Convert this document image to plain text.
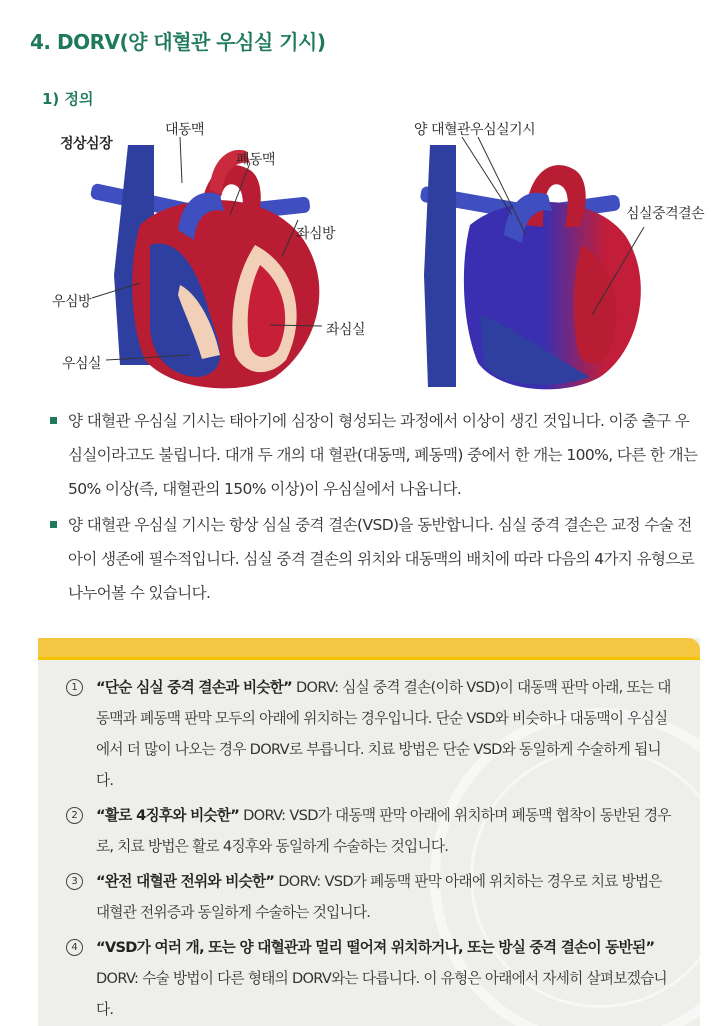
4. DORV(양 대혈관 우심실 기시)
1) 정의
정상심장
대동맥
폐동맥
좌심방
우심방
좌심실
우심실
양 대혈관우심실기시
심실중격결손
양 대혈관 우심실 기시는 태아기에 심장이 형성되는 과정에서 이상이 생긴 것입니다. 이중 출구 우심실이라고도 불립니다. 대개 두 개의 대 혈관(대동맥, 폐동맥) 중에서 한 개는 100%, 다른 한 개는 50% 이상(즉, 대혈관의 150% 이상)이 우심실에서 나옵니다.
양 대혈관 우심실 기시는 항상 심실 중격 결손(VSD)을 동반합니다. 심실 중격 결손은 교정 수술 전 아이 생존에 필수적입니다. 심실 중격 결손의 위치와 대동맥의 배치에 따라 다음의 4가지 유형으로 나누어볼 수 있습니다.
1	“단순 심실 중격 결손과 비슷한” DORV: 심실 중격 결손(이하 VSD)이 대동맥 판막 아래, 또는 대동맥과 폐동맥 판막 모두의 아래에 위치하는 경우입니다. 단순 VSD와 비슷하나 대동맥이 우심실에서 더 많이 나오는 경우 DORV로 부릅니다. 치료 방법은 단순 VSD와 동일하게 수술하게 됩니다.
2	“활로 4징후와 비슷한” DORV: VSD가 대동맥 판막 아래에 위치하며 폐동맥 협착이 동반된 경우로, 치료 방법은 활로 4징후와 동일하게 수술하는 것입니다.
3	“완전 대혈관 전위와 비슷한” DORV: VSD가 폐동맥 판막 아래에 위치하는 경우로 치료 방법은 대혈관 전위증과 동일하게 수술하는 것입니다.
4	“VSD가 여러 개, 또는 양 대혈관과 멀리 떨어져 위치하거나, 또는 방실 중격 결손이 동반된” DORV: 수술 방법이 다른 형태의 DORV와는 다릅니다. 이 유형은 아래에서 자세히 살펴보겠습니다.
